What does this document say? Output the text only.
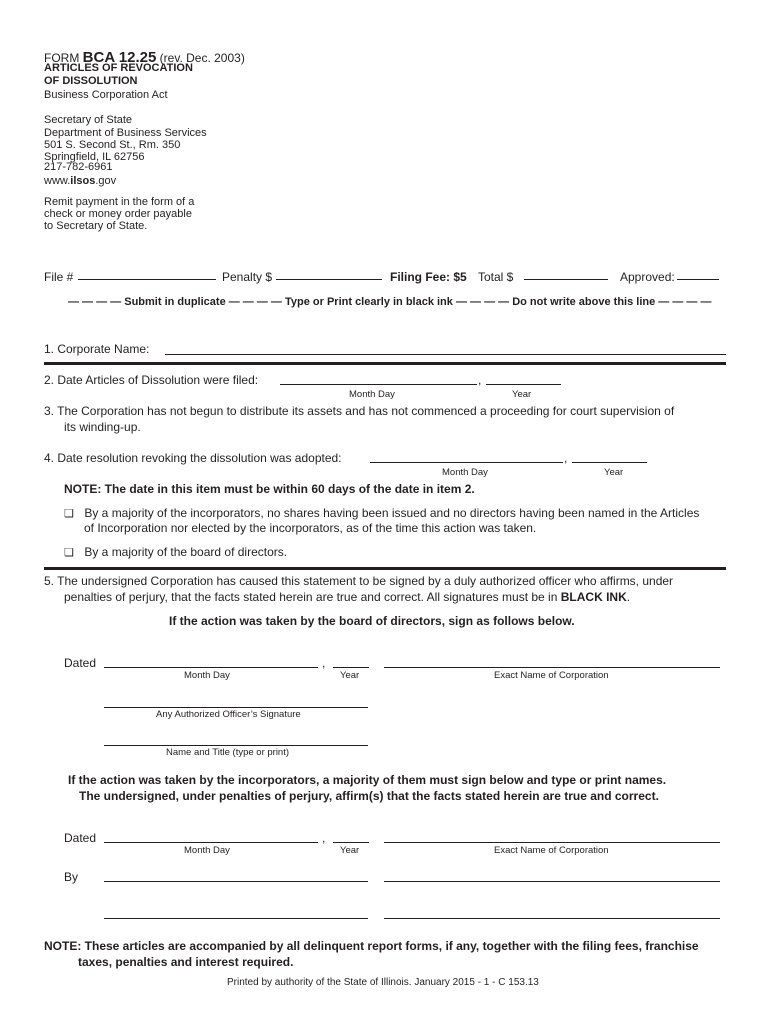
FORM BCA 12.25 (rev. Dec. 2003)
ARTICLES OF REVOCATION
OF DISSOLUTION
Business Corporation Act
Secretary of State
Department of Business Services
501 S. Second St., Rm. 350
Springfield, IL 62756
217-782-6961
www.ilsos.gov
Remit payment in the form of a
check or money order payable
to Secretary of State.
File #	Penalty $	Filing Fee: $5 Total $	Approved:
— — — — Submit in duplicate — — — — Type or Print clearly in black ink — — — — Do not write above this line — — — —
1. Corporate Name:
2. Date Articles of Dissolution were filed:	,
Month Day	Year
3. The Corporation has not begun to distribute its assets and has not commenced a proceeding for court supervision of
its winding-up.
4. Date resolution revoking the dissolution was adopted:	,
Month Day	Year
NOTE: The date in this item must be within 60 days of the date in item 2.
❏ By a majority of the incorporators, no shares having been issued and no directors having been named in the Articles
of Incorporation nor elected by the incorporators, as of the time this action was taken.
❏ By a majority of the board of directors.
5. The undersigned Corporation has caused this statement to be signed by a duly authorized officer who affirms, under
penalties of perjury, that the facts stated herein are true and correct. All signatures must be in BLACK INK.
If the action was taken by the board of directors, sign as follows below.
Dated	,
Month Day	Year	Exact Name of Corporation
Any Authorized Officer’s Signature
Name and Title (type or print)
If the action was taken by the incorporators, a majority of them must sign below and type or print names.
The undersigned, under penalties of perjury, affirm(s) that the facts stated herein are true and correct.
Dated	,
Month Day	Year	Exact Name of Corporation
By
NOTE: These articles are accompanied by all delinquent report forms, if any, together with the filing fees, franchise
taxes, penalties and interest required.
Printed by authority of the State of Illinois. January 2015 - 1 - C 153.13
